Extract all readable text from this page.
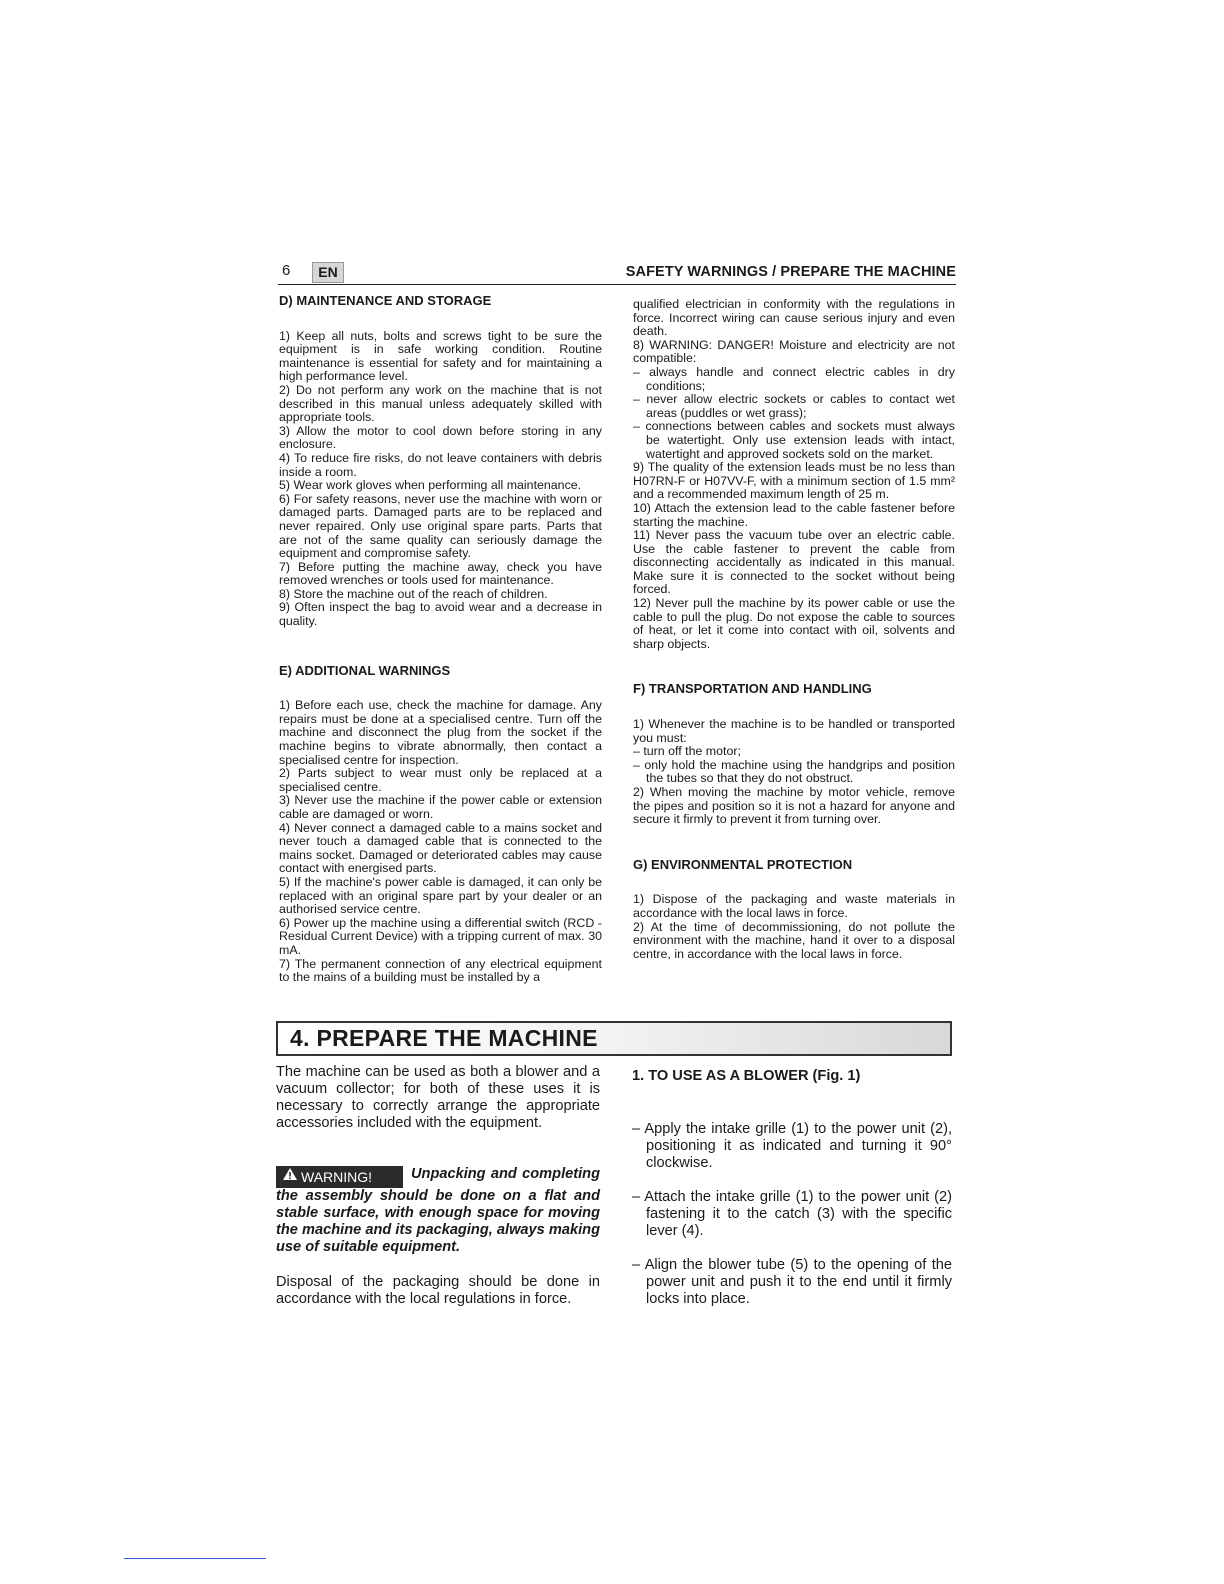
6	EN	SAFETY WARNINGS / PREPARE THE MACHINE
D) MAINTENANCE AND STORAGE

1) Keep all nuts, bolts and screws tight to be sure the equipment is in safe working condition. Routine maintenance is essential for safety and for maintaining a high performance level.

2) Do not perform any work on the machine that is not described in this manual unless adequately skilled with appropriate tools.

3) Allow the motor to cool down before storing in any enclosure.

4) To reduce fire risks, do not leave containers with debris inside a room.

5) Wear work gloves when performing all maintenance.

6) For safety reasons, never use the machine with worn or damaged parts. Damaged parts are to be replaced and never repaired. Only use original spare parts. Parts that are not of the same quality can seriously damage the equipment and compromise safety.

7) Before putting the machine away, check you have removed wrenches or tools used for maintenance.

8) Store the machine out of the reach of children.

9) Often inspect the bag to avoid wear and a decrease in quality.

E) ADDITIONAL WARNINGS

1) Before each use, check the machine for damage. Any repairs must be done at a specialised centre. Turn off the machine and disconnect the plug from the socket if the machine begins to vibrate abnormally, then contact a specialised centre for inspection.

2) Parts subject to wear must only be replaced at a specialised centre.

3) Never use the machine if the power cable or extension cable are damaged or worn.

4) Never connect a damaged cable to a mains socket and never touch a damaged cable that is connected to the mains socket. Damaged or deteriorated cables may cause contact with energised parts.

5) If the machine's power cable is damaged, it can only be replaced with an original spare part by your dealer or an authorised service centre.

6) Power up the machine using a differential switch (RCD - Residual Current Device) with a tripping current of max. 30 mA.

7) The permanent connection of any electrical equipment to the mains of a building must be installed by a

qualified electrician in conformity with the regulations in force. Incorrect wiring can cause serious injury and even death.

8) WARNING: DANGER! Moisture and electricity are not compatible:

– always handle and connect electric cables in dry conditions;

– never allow electric sockets or cables to contact wet areas (puddles or wet grass);

– connections between cables and sockets must always be watertight. Only use extension leads with intact, watertight and approved sockets sold on the market.

9) The quality of the extension leads must be no less than H07RN-F or H07VV-F, with a minimum section of 1.5 mm² and a recommended maximum length of 25 m.

10) Attach the extension lead to the cable fastener before starting the machine.

11) Never pass the vacuum tube over an electric cable. Use the cable fastener to prevent the cable from disconnecting accidentally as indicated in this manual. Make sure it is connected to the socket without being forced.

12) Never pull the machine by its power cable or use the cable to pull the plug. Do not expose the cable to sources of heat, or let it come into contact with oil, solvents and sharp objects.

F) TRANSPORTATION AND HANDLING

1) Whenever the machine is to be handled or transported you must:

– turn off the motor;

– only hold the machine using the handgrips and position the tubes so that they do not obstruct.

2) When moving the machine by motor vehicle, remove the pipes and position so it is not a hazard for anyone and secure it firmly to prevent it from turning over.

G) ENVIRONMENTAL PROTECTION

1) Dispose of the packaging and waste materials in accordance with the local laws in force.

2) At the time of decommissioning, do not pollute the environment with the machine, hand it over to a disposal centre, in accordance with the local laws in force.

4. PREPARE THE MACHINE

The machine can be used as both a blower and a vacuum collector; for both of these uses it is necessary to correctly arrange the appropriate accessories included with the equipment.

WARNING!	Unpacking and completing the assembly should be done on a flat and stable surface, with enough space for moving the machine and its packaging, always making use of suitable equipment.

Disposal of the packaging should be done in accordance with the local regulations in force.

1. TO USE AS A BLOWER (Fig. 1)

– Apply the intake grille (1) to the power unit (2), positioning it as indicated and turning it 90° clockwise.

– Attach the intake grille (1) to the power unit (2) fastening it to the catch (3) with the specific lever (4).

– Align the blower tube (5) to the opening of the power unit and push it to the end until it firmly locks into place.
